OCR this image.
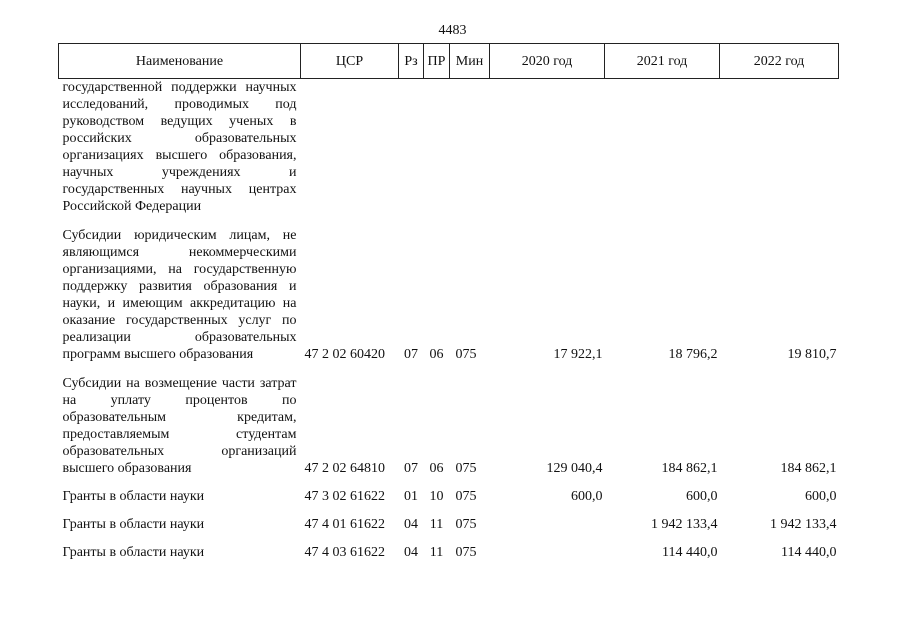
4483
Наименование	ЦСР	Рз	ПР	Мин	2020 год	2021 год	2022 год
государственной поддержки научных исследований, проводимых под руководством ведущих ученых в российских образовательных организациях высшего образования, научных учреждениях и государственных научных центрах Российской Федерации							

Субсидии юридическим лицам, не являющимся некоммерческими организациями, на государственную поддержку развития образования и науки, и имеющим аккредитацию на оказание государственных услуг по реализации образовательных программ высшего образования	47 2 02 60420	07	06	075	17 922,1	18 796,2	19 810,7

Субсидии на возмещение части затрат на уплату процентов по образовательным кредитам, предоставляемым студентам образовательных организаций высшего образования	47 2 02 64810	07	06	075	129 040,4	184 862,1	184 862,1

Гранты в области науки	47 3 02 61622	01	10	075	600,0	600,0	600,0

Гранты в области науки	47 4 01 61622	04	11	075		1 942 133,4	1 942 133,4

Гранты в области науки	47 4 03 61622	04	11	075		114 440,0	114 440,0
